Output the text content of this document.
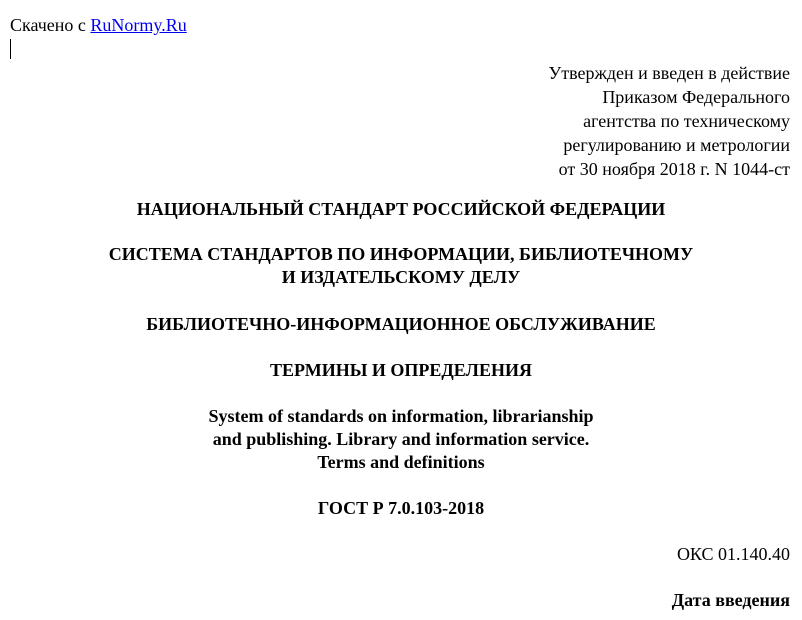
Скачено с RuNormy.Ru
Утвержден и введен в действие
Приказом Федерального
агентства по техническому
регулированию и метрологии
от 30 ноября 2018 г. N 1044-ст
НАЦИОНАЛЬНЫЙ СТАНДАРТ РОССИЙСКОЙ ФЕДЕРАЦИИ
СИСТЕМА СТАНДАРТОВ ПО ИНФОРМАЦИИ, БИБЛИОТЕЧНОМУ
И ИЗДАТЕЛЬСКОМУ ДЕЛУ
БИБЛИОТЕЧНО-ИНФОРМАЦИОННОЕ ОБСЛУЖИВАНИЕ
ТЕРМИНЫ И ОПРЕДЕЛЕНИЯ
System of standards on information, librarianship
and publishing. Library and information service.
Terms and definitions
ГОСТ Р 7.0.103-2018
ОКС 01.140.40
Дата введения
